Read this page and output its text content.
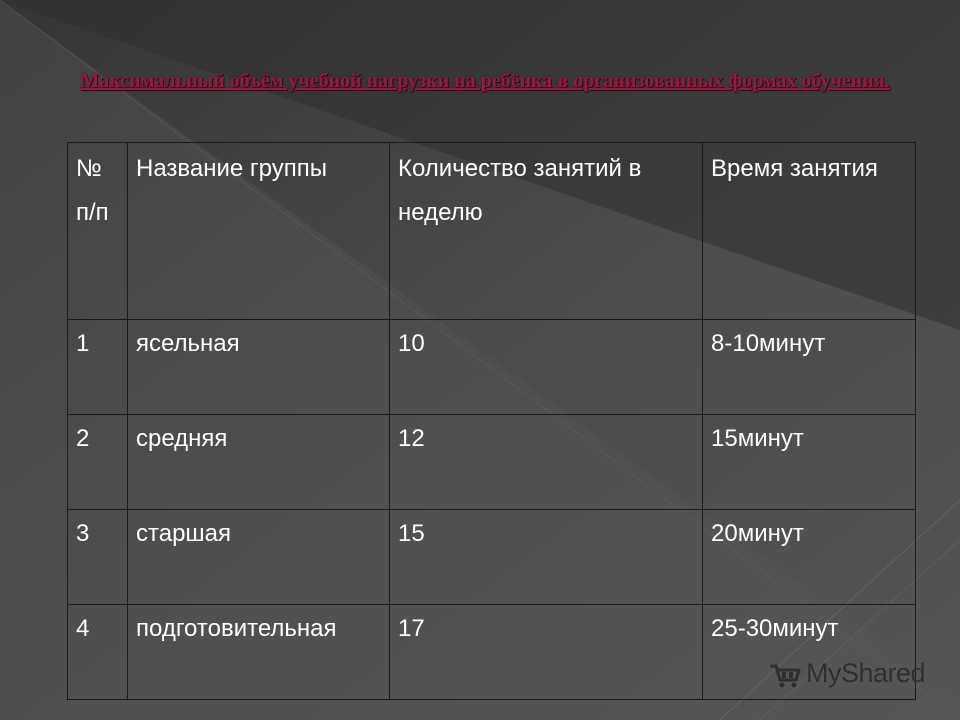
Максимальный объём учебной нагрузки на ребёнка в организованных формах обучения.
№ п/п	Название группы	Количество занятий в неделю	Время занятия
1	ясельная	10	8-10минут
2	средняя	12	15минут
3	старшая	15	20минут
4	подготовительная	17	25-30минут
MyShared
